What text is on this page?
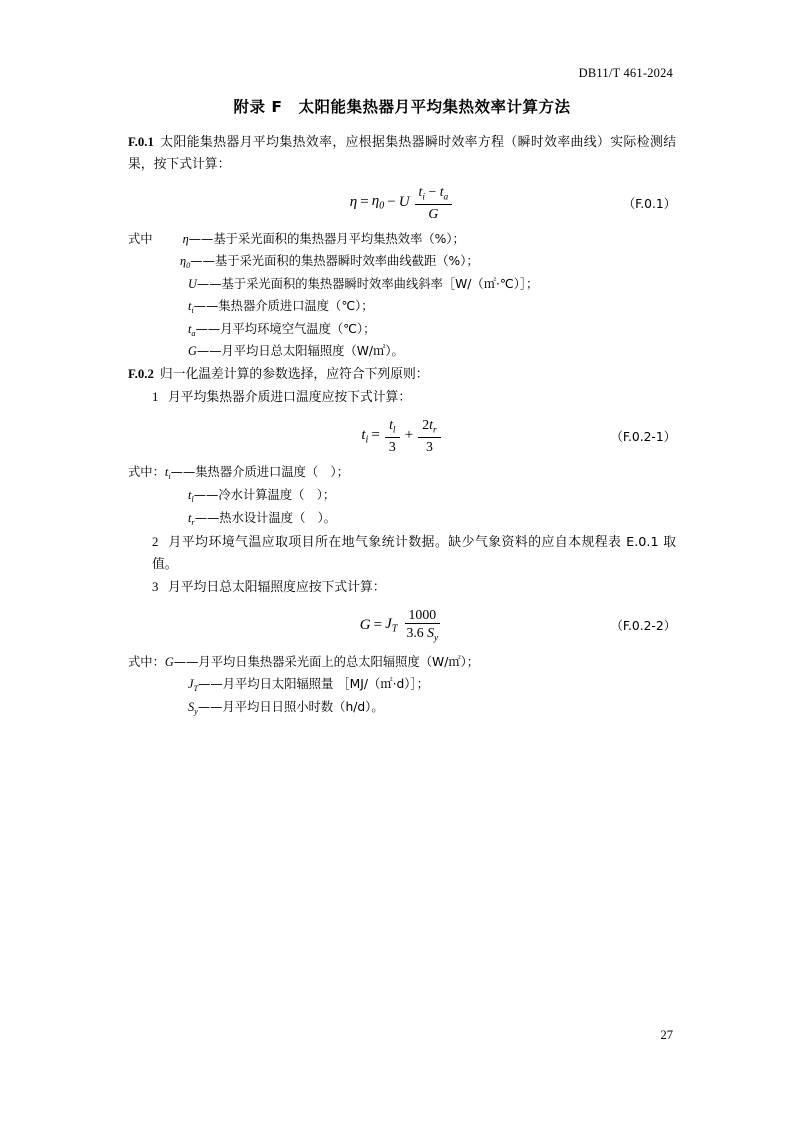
DB11/T 461-2024
附录 F　太阳能集热器月平均集热效率计算方法

F.0.1 太阳能集热器月平均集热效率，应根据集热器瞬时效率方程（瞬时效率曲线）实际检测结果，按下式计算：

$\eta = \eta_0 - U \frac{t_i - t_a}{G}$	（F.0.1）

式中 η——基于采光面积的集热器月平均集热效率（%）；

$\eta_0——$基于采光面积的集热器瞬时效率曲线截距（%）；

U——基于采光面积的集热器瞬时效率曲线斜率［W/（㎡·℃）］；

$t_i——$集热器介质进口温度（℃）；

$t_a——$月平均环境空气温度（℃）；

G——月平均日总太阳辐照度（W/㎡）。

F.0.2 归一化温差计算的参数选择，应符合下列原则：

1 月平均集热器介质进口温度应按下式计算：

$t_i = \frac{t_l}{3} + \frac{2t_r}{3}$	（F.0.2-1）

式中：$t_i——$集热器介质进口温度（　）；

$t_l——$冷水计算温度（　）；

$t_r——$热水设计温度（　）。

2 月平均环境气温应取项目所在地气象统计数据。缺少气象资料的应自本规程表 E.0.1 取值。

3 月平均日总太阳辐照度应按下式计算：

$G = J_T \frac{1000}{3.6 S_y}$	（F.0.2-2）

式中：G——月平均日集热器采光面上的总太阳辐照度（W/㎡）；

$J_T——$月平均日太阳辐照量 ［MJ/（㎡·d）］；

$S_y——$月平均日日照小时数（h/d）。

27
